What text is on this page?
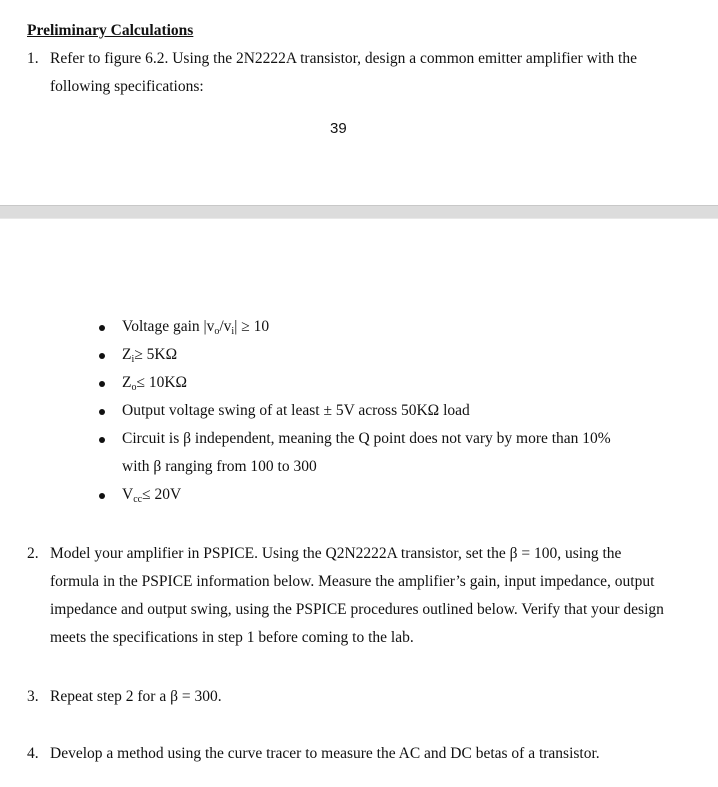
Preliminary Calculations
1. Refer to figure 6.2. Using the 2N2222A transistor, design a common emitter amplifier with the following specifications:
39
Voltage gain $|v_o/v_i| \ge 10$
$Z_i\ge 5K\Omega$
$Z_o\le 10K\Omega$
Output voltage swing of at least ± 5V across 50KΩ load
Circuit is β independent, meaning the Q point does not vary by more than 10%
with β ranging from 100 to 300
$V_{cc}\le 20V$
2. Model your amplifier in PSPICE. Using the Q2N2222A transistor, set the β = 100, using the formula in the PSPICE information below. Measure the amplifier’s gain, input impedance, output impedance and output swing, using the PSPICE procedures outlined below. Verify that your design meets the specifications in step 1 before coming to the lab.
3. Repeat step 2 for a β = 300.
4. Develop a method using the curve tracer to measure the AC and DC betas of a transistor.
